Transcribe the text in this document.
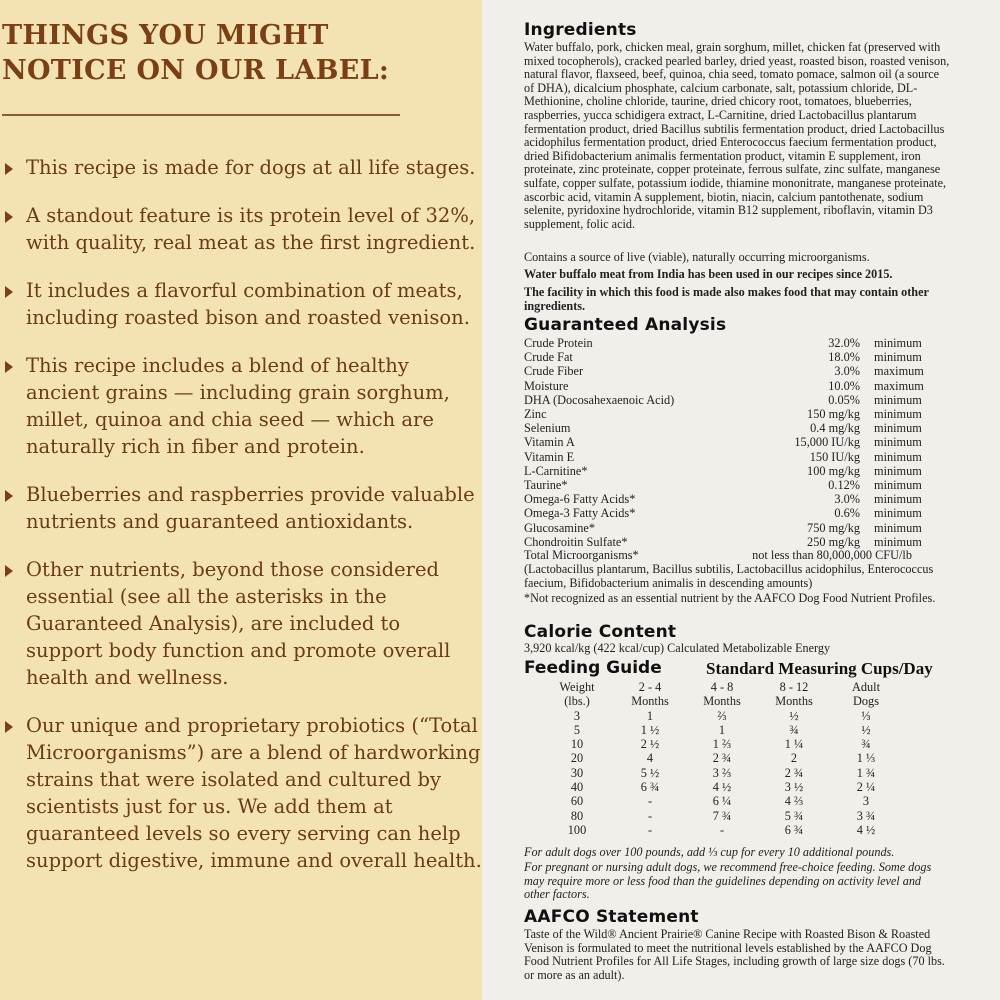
THINGS YOU MIGHT
NOTICE ON OUR LABEL:
This recipe is made for dogs at all life stages.
A standout feature is its protein level of 32%, with quality, real meat as the first ingredient.
It includes a flavorful combination of meats, including roasted bison and roasted venison.
This recipe includes a blend of healthy ancient grains — including grain sorghum, millet, quinoa and chia seed — which are naturally rich in fiber and protein.
Blueberries and raspberries provide valuable nutrients and guaranteed antioxidants.
Other nutrients, beyond those considered essential (see all the asterisks in the Guaranteed Analysis), are included to support body function and promote overall health and wellness.
Our unique and proprietary probiotics (“Total Microorganisms”) are a blend of hardworking strains that were isolated and cultured by scientists just for us. We add them at guaranteed levels so every serving can help support digestive, immune and overall health.
Ingredients
Water buffalo, pork, chicken meal, grain sorghum, millet, chicken fat (preserved with mixed tocopherols), cracked pearled barley, dried yeast, roasted bison, roasted venison, natural flavor, flaxseed, beef, quinoa, chia seed, tomato pomace, salmon oil (a source of DHA), dicalcium phosphate, calcium carbonate, salt, potassium chloride, DL-Methionine, choline chloride, taurine, dried chicory root, tomatoes, blueberries, raspberries, yucca schidigera extract, L-Carnitine, dried Lactobacillus plantarum fermentation product, dried Bacillus subtilis fermentation product, dried Lactobacillus acidophilus fermentation product, dried Enterococcus faecium fermentation product, dried Bifidobacterium animalis fermentation product, vitamin E supplement, iron proteinate, zinc proteinate, copper proteinate, ferrous sulfate, zinc sulfate, manganese sulfate, copper sulfate, potassium iodide, thiamine mononitrate, manganese proteinate, ascorbic acid, vitamin A supplement, biotin, niacin, calcium pantothenate, sodium selenite, pyridoxine hydrochloride, vitamin B12 supplement, riboflavin, vitamin D3 supplement, folic acid.
Contains a source of live (viable), naturally occurring microorganisms.
Water buffalo meat from India has been used in our recipes since 2015.
The facility in which this food is made also makes food that may contain other ingredients.
Guaranteed Analysis
Crude Protein	32.0% minimum
Crude Fat	18.0% minimum
Crude Fiber	3.0% maximum
Moisture	10.0% maximum
DHA (Docosahexaenoic Acid)	0.05% minimum
Zinc	150 mg/kg minimum
Selenium	0.4 mg/kg minimum
Vitamin A	15,000 IU/kg minimum
Vitamin E	150 IU/kg minimum
L-Carnitine*	100 mg/kg minimum
Taurine*	0.12% minimum
Omega-6 Fatty Acids*	3.0% minimum
Omega-3 Fatty Acids*	0.6% minimum
Glucosamine*	750 mg/kg minimum
Chondroitin Sulfate*	250 mg/kg minimum
Total Microorganisms*	not less than 80,000,000 CFU/lb
(Lactobacillus plantarum, Bacillus subtilis, Lactobacillus acidophilus, Enterococcus faecium, Bifidobacterium animalis in descending amounts)
*Not recognized as an essential nutrient by the AAFCO Dog Food Nutrient Profiles.
Calorie Content
3,920 kcal/kg (422 kcal/cup) Calculated Metabolizable Energy
Feeding Guide	Standard Measuring Cups/Day
Weight	2 - 4	4 - 8	8 - 12	Adult
(lbs.)	Months	Months	Months	Dogs
3	1	⅔	½	⅓
5	1 ½	1	¾	½
10	2 ½	1 ⅔	1 ¼	¾
20	4	2 ¾	2	1 ⅓
30	5 ½	3 ⅔	2 ¾	1 ¾
40	6 ¾	4 ½	3 ½	2 ¼
60	-	6 ¼	4 ⅔	3
80	-	7 ¾	5 ¾	3 ¾
100	-	-	6 ¾	4 ½
For adult dogs over 100 pounds, add ⅓ cup for every 10 additional pounds.
For pregnant or nursing adult dogs, we recommend free-choice feeding. Some dogs may require more or less food than the guidelines depending on activity level and other factors.
AAFCO Statement
Taste of the Wild® Ancient Prairie® Canine Recipe with Roasted Bison & Roasted Venison is formulated to meet the nutritional levels established by the AAFCO Dog Food Nutrient Profiles for All Life Stages, including growth of large size dogs (70 lbs. or more as an adult).
